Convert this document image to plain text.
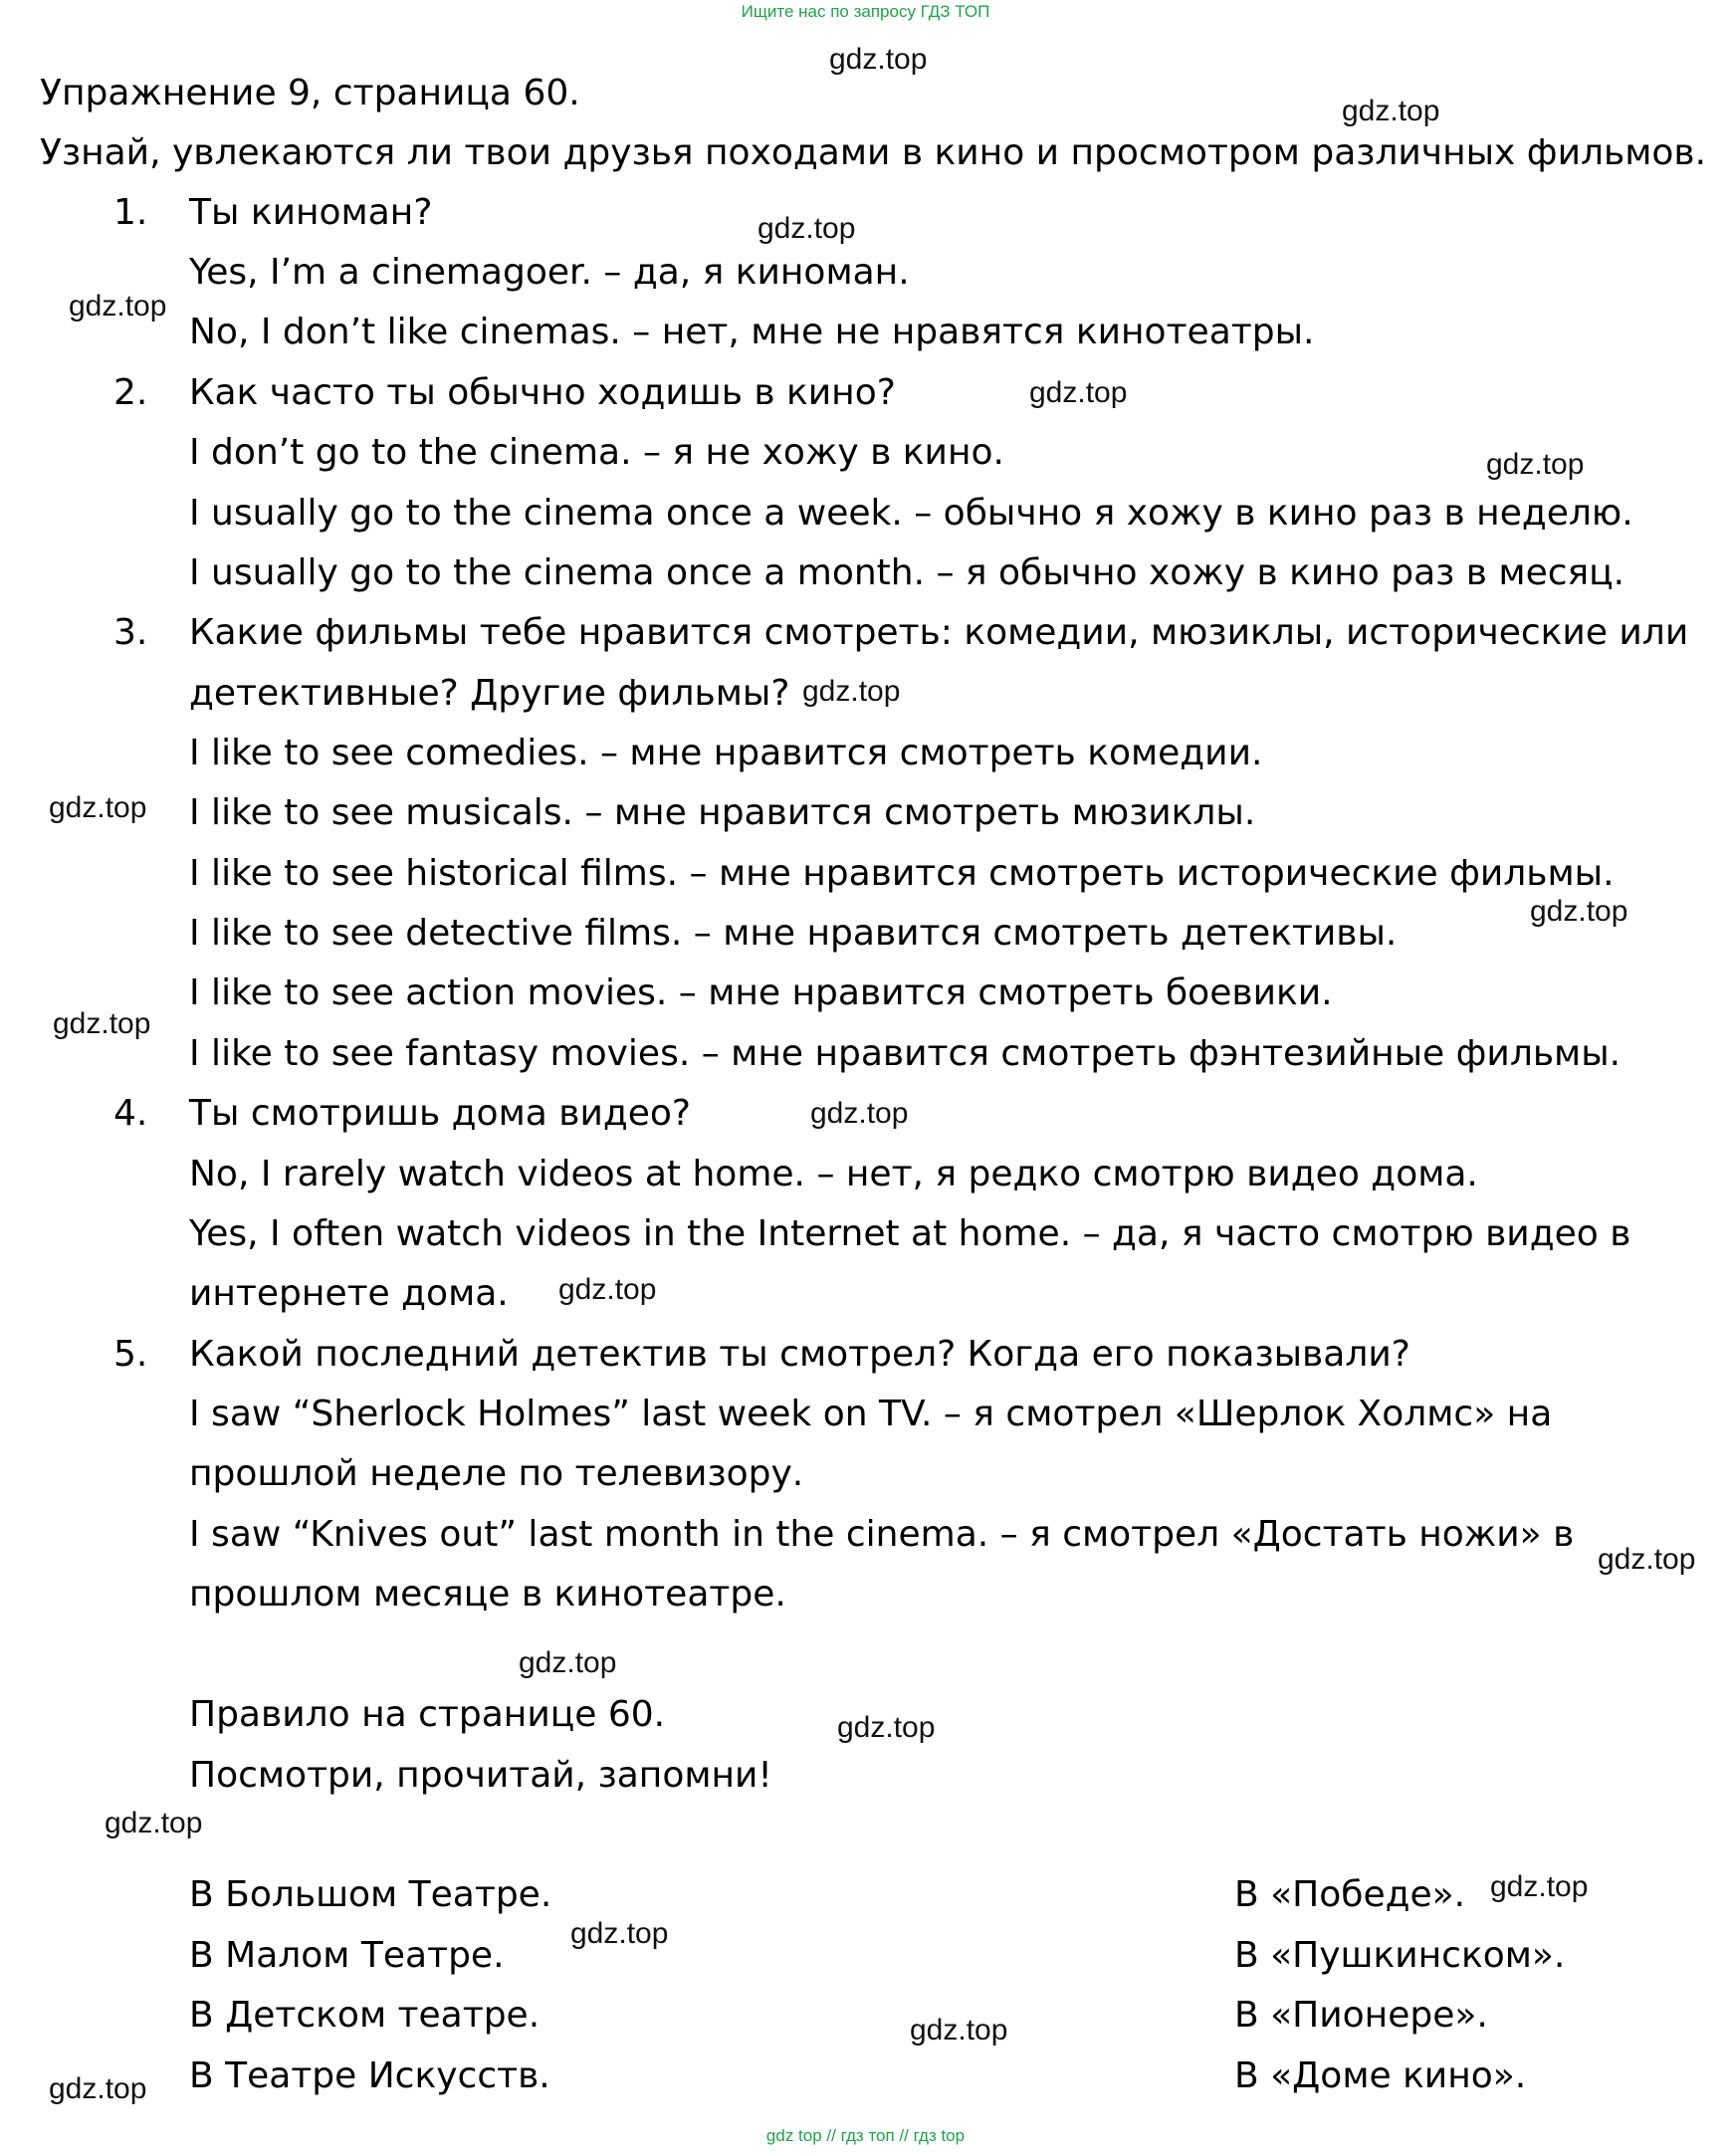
Ищите нас по запросу ГДЗ ТОП
Упражнение 9, страница 60.
Узнай, увлекаются ли твои друзья походами в кино и просмотром различных фильмов.
1. Ты киноман?
Yes, I’m a cinemagoer. – да, я киноман.
No, I don’t like cinemas. – нет, мне не нравятся кинотеатры.
2. Как часто ты обычно ходишь в кино?
I don’t go to the cinema. – я не хожу в кино.
I usually go to the cinema once a week. – обычно я хожу в кино раз в неделю.
I usually go to the cinema once a month. – я обычно хожу в кино раз в месяц.
3. Какие фильмы тебе нравится смотреть: комедии, мюзиклы, исторические или
детективные? Другие фильмы?
I like to see comedies. – мне нравится смотреть комедии.
I like to see musicals. – мне нравится смотреть мюзиклы.
I like to see historical films. – мне нравится смотреть исторические фильмы.
I like to see detective films. – мне нравится смотреть детективы.
I like to see action movies. – мне нравится смотреть боевики.
I like to see fantasy movies. – мне нравится смотреть фэнтезийные фильмы.
4. Ты смотришь дома видео?
No, I rarely watch videos at home. – нет, я редко смотрю видео дома.
Yes, I often watch videos in the Internet at home. – да, я часто смотрю видео в
интернете дома.
5. Какой последний детектив ты смотрел? Когда его показывали?
I saw “Sherlock Holmes” last week on TV. – я смотрел «Шерлок Холмс» на
прошлой неделе по телевизору.
I saw “Knives out” last month in the cinema. – я смотрел «Достать ножи» в
прошлом месяце в кинотеатре.
Правило на странице 60.
Посмотри, прочитай, запомни!
В Большом Театре.
В Малом Театре.
В Детском театре.
В Театре Искусств.
В «Победе».
В «Пушкинском».
В «Пионере».
В «Доме кино».
gdz.top
gdz.top
gdz.top
gdz.top
gdz.top
gdz.top
gdz.top
gdz.top
gdz.top
gdz.top
gdz.top
gdz.top
gdz.top
gdz.top
gdz.top
gdz.top
gdz.top
gdz.top
gdz.top
gdz.top
gdz top // гдз топ // гдз top
